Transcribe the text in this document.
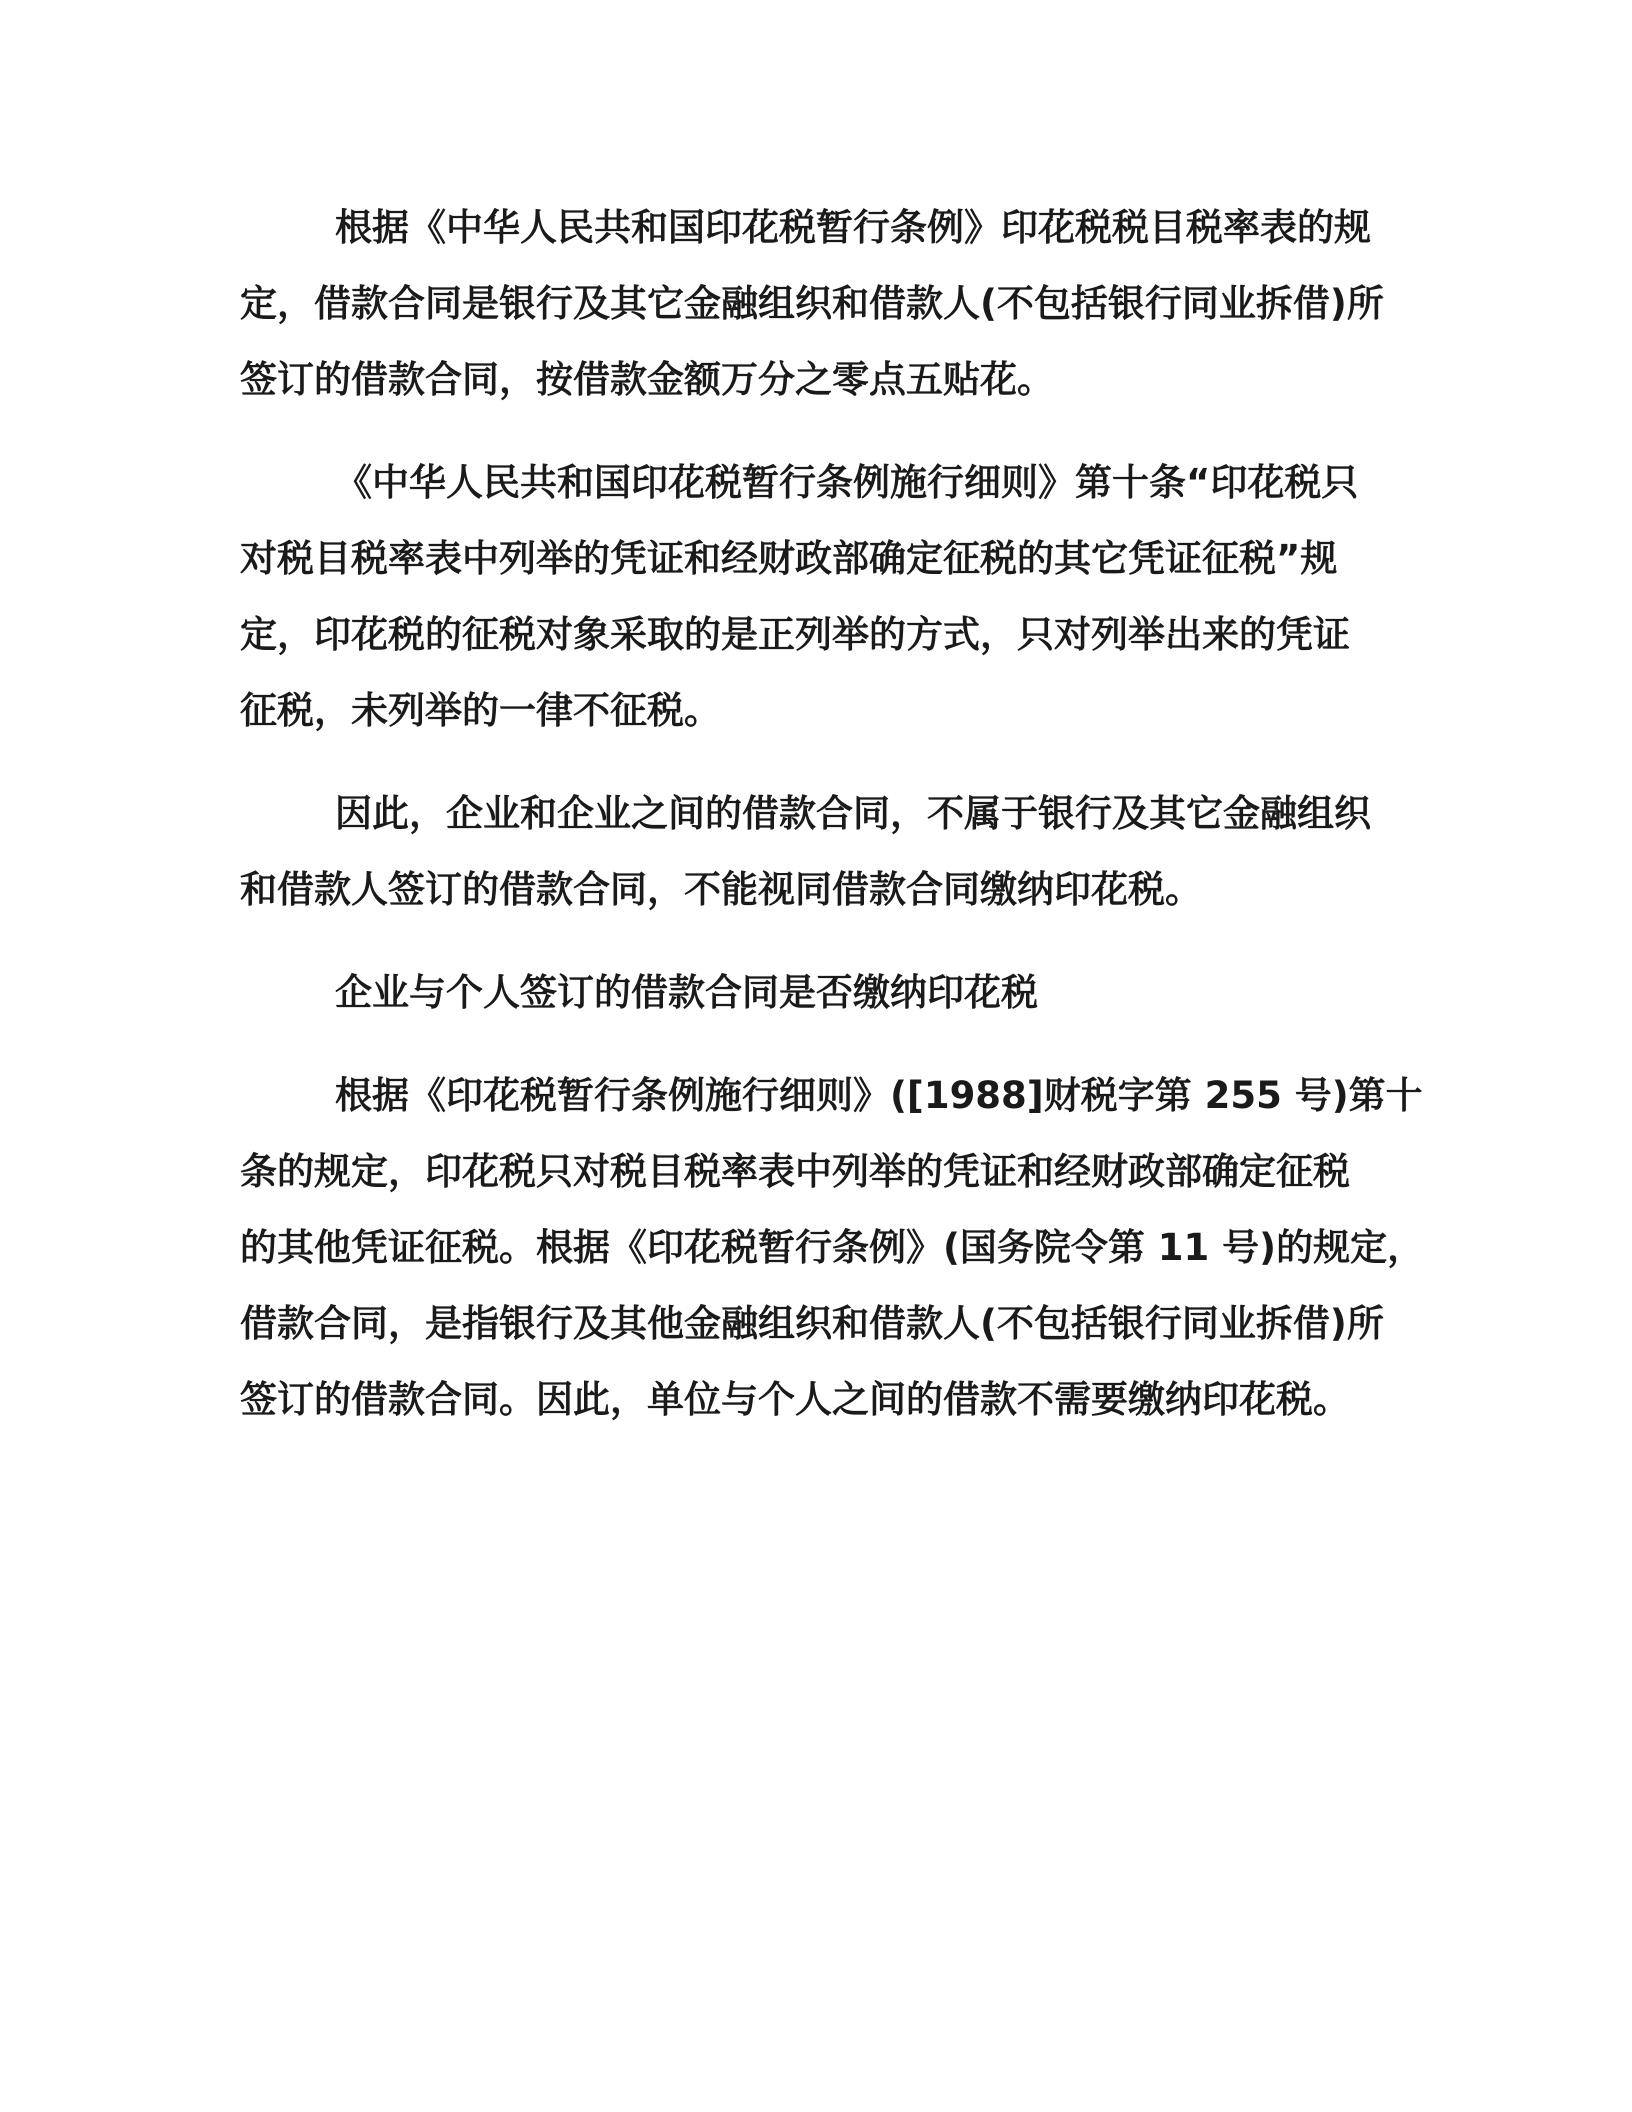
根据《中华人民共和国印花税暂行条例》印花税税目税率表的规
定，借款合同是银行及其它金融组织和借款人(不包括银行同业拆借)所
签订的借款合同，按借款金额万分之零点五贴花。

《中华人民共和国印花税暂行条例施行细则》第十条“印花税只
对税目税率表中列举的凭证和经财政部确定征税的其它凭证征税”规
定，印花税的征税对象采取的是正列举的方式，只对列举出来的凭证
征税，未列举的一律不征税。

因此，企业和企业之间的借款合同，不属于银行及其它金融组织
和借款人签订的借款合同，不能视同借款合同缴纳印花税。

企业与个人签订的借款合同是否缴纳印花税

根据《印花税暂行条例施行细则》([1988]财税字第 255 号)第十
条的规定，印花税只对税目税率表中列举的凭证和经财政部确定征税
的其他凭证征税。根据《印花税暂行条例》(国务院令第 11 号)的规定，
借款合同，是指银行及其他金融组织和借款人(不包括银行同业拆借)所
签订的借款合同。因此，单位与个人之间的借款不需要缴纳印花税。
